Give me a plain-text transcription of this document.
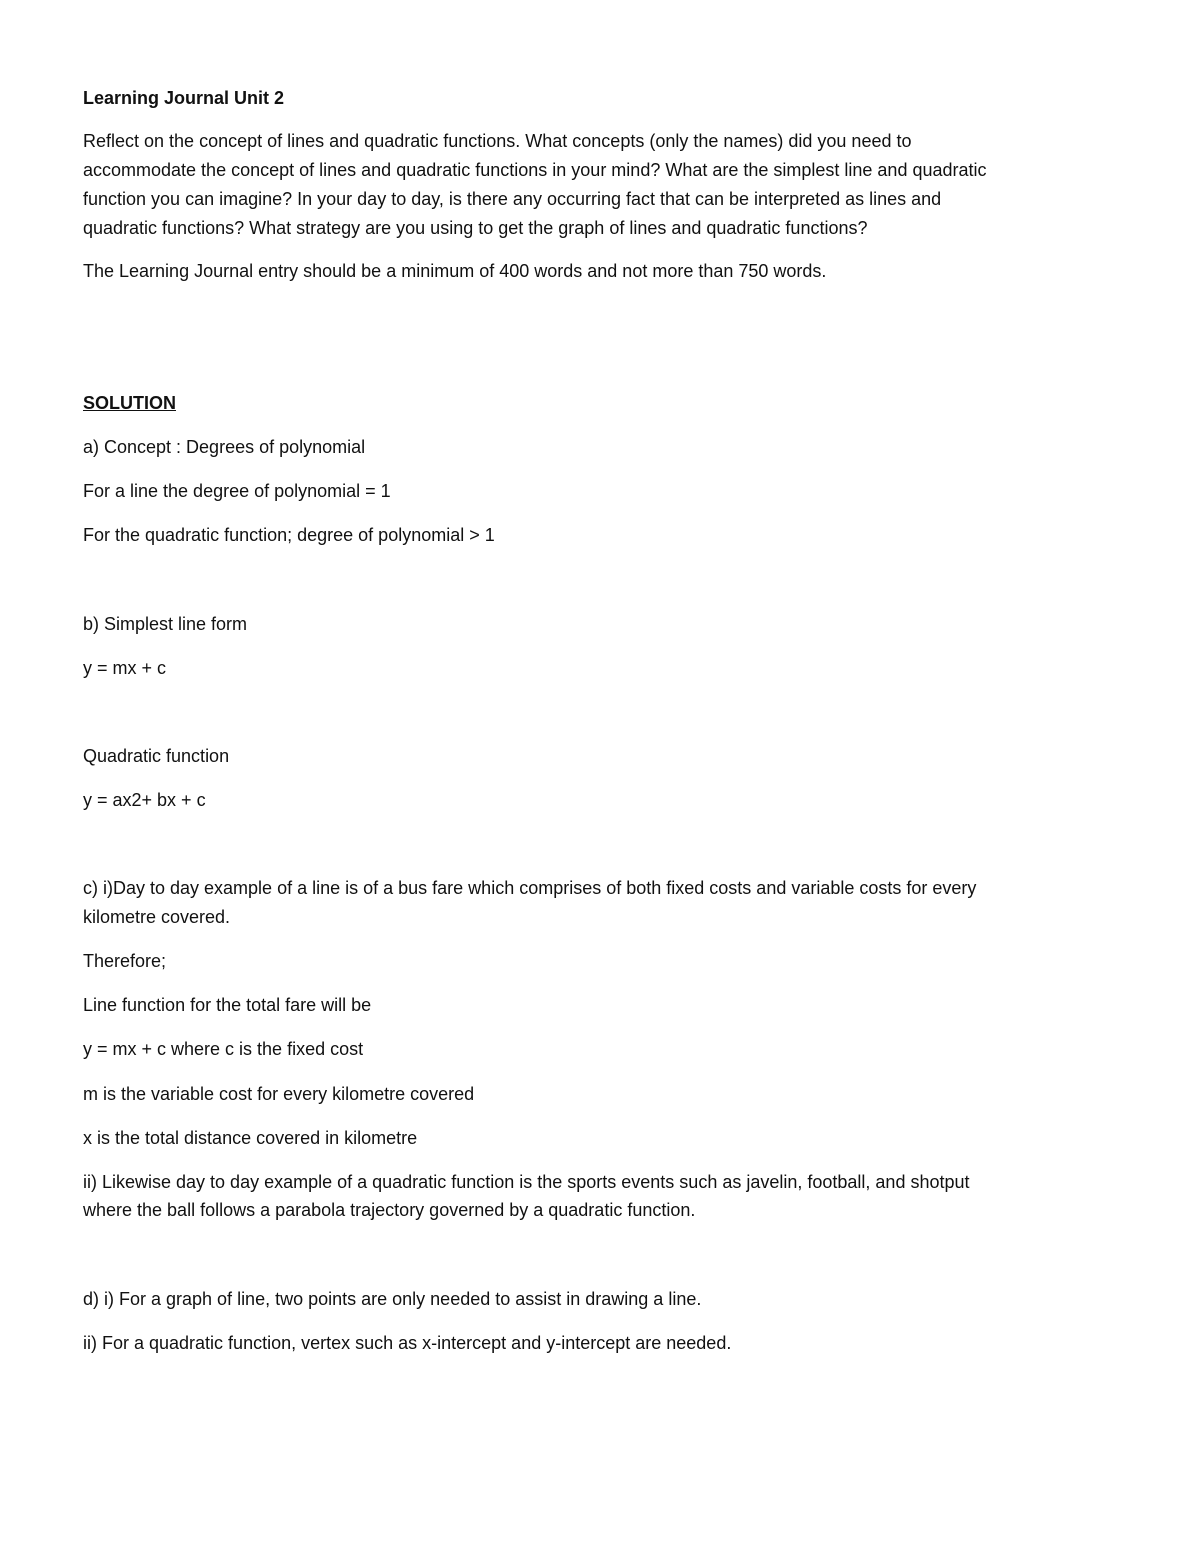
Learning Journal Unit 2

Reflect on the concept of lines and quadratic functions. What concepts (only the names) did you need to

accommodate the concept of lines and quadratic functions in your mind? What are the simplest line and quadratic

function you can imagine? In your day to day, is there any occurring fact that can be interpreted as lines and

quadratic functions? What strategy are you using to get the graph of lines and quadratic functions?

The Learning Journal entry should be a minimum of 400 words and not more than 750 words.

SOLUTION

a) Concept : Degrees of polynomial

For a line the degree of polynomial = 1

For the quadratic function; degree of polynomial > 1

b) Simplest line form

y = mx + c

Quadratic function

y = ax2+ bx + c

c) i)Day to day example of a line is of a bus fare which comprises of both fixed costs and variable costs for every

kilometre covered.

Therefore;

Line function for the total fare will be

y = mx + c where c is the fixed cost

m is the variable cost for every kilometre covered

x is the total distance covered in kilometre

ii) Likewise day to day example of a quadratic function is the sports events such as javelin, football, and shotput

where the ball follows a parabola trajectory governed by a quadratic function.

d) i) For a graph of line, two points are only needed to assist in drawing a line.

ii) For a quadratic function, vertex such as x-intercept and y-intercept are needed.
